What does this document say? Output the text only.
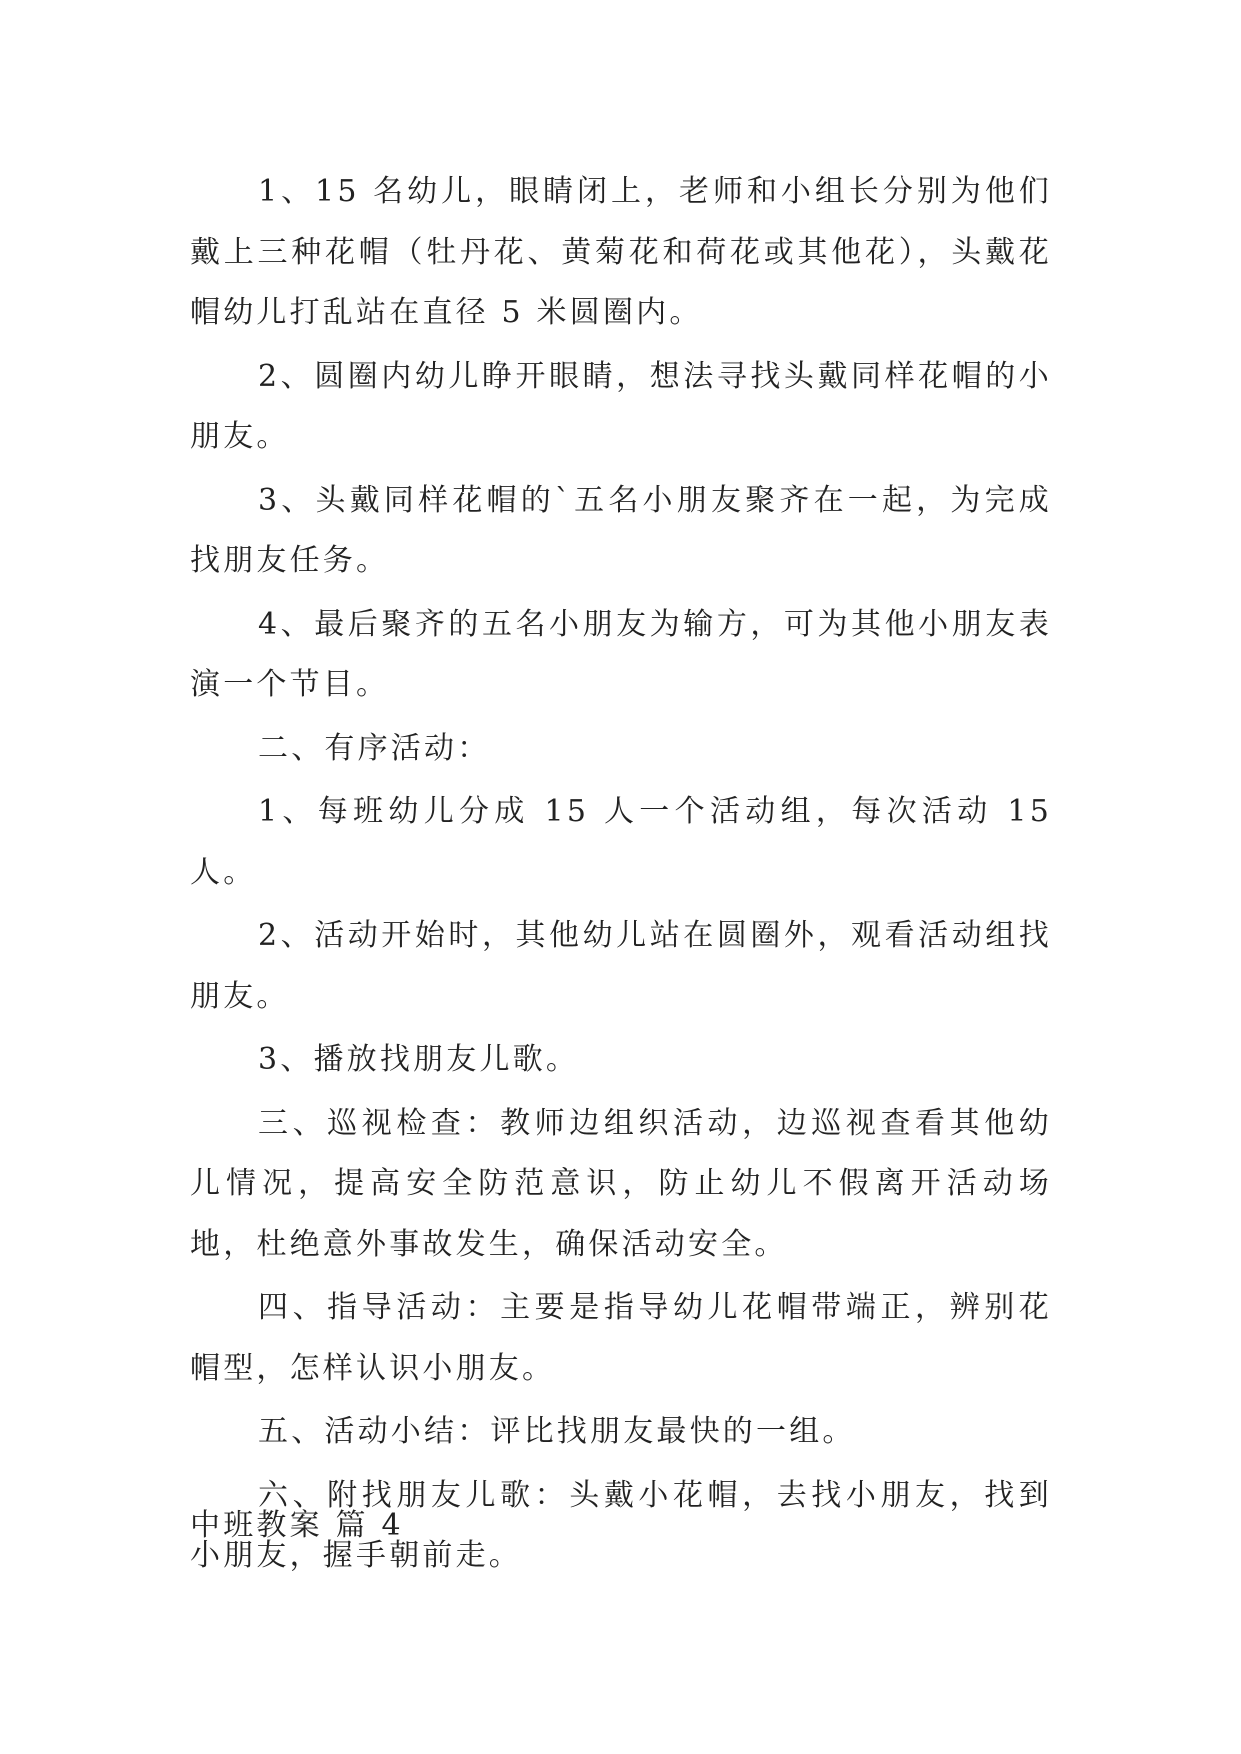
1、15 名幼儿，眼睛闭上，老师和小组长分别为他们戴上三种花帽（牡丹花、黄菊花和荷花或其他花），头戴花帽幼儿打乱站在直径 5 米圆圈内。

2、圆圈内幼儿睁开眼睛，想法寻找头戴同样花帽的小朋友。

3、头戴同样花帽的`五名小朋友聚齐在一起，为完成找朋友任务。

4、最后聚齐的五名小朋友为输方，可为其他小朋友表演一个节目。

二、有序活动：

1、每班幼儿分成 15 人一个活动组，每次活动 15 人。

2、活动开始时，其他幼儿站在圆圈外，观看活动组找朋友。

3、播放找朋友儿歌。

三、巡视检查：教师边组织活动，边巡视查看其他幼儿情况，提高安全防范意识，防止幼儿不假离开活动场地，杜绝意外事故发生，确保活动安全。

四、指导活动：主要是指导幼儿花帽带端正，辨别花帽型，怎样认识小朋友。

五、活动小结：评比找朋友最快的一组。

六、附找朋友儿歌：头戴小花帽，去找小朋友，找到小朋友，握手朝前走。

中班教案 篇 4
